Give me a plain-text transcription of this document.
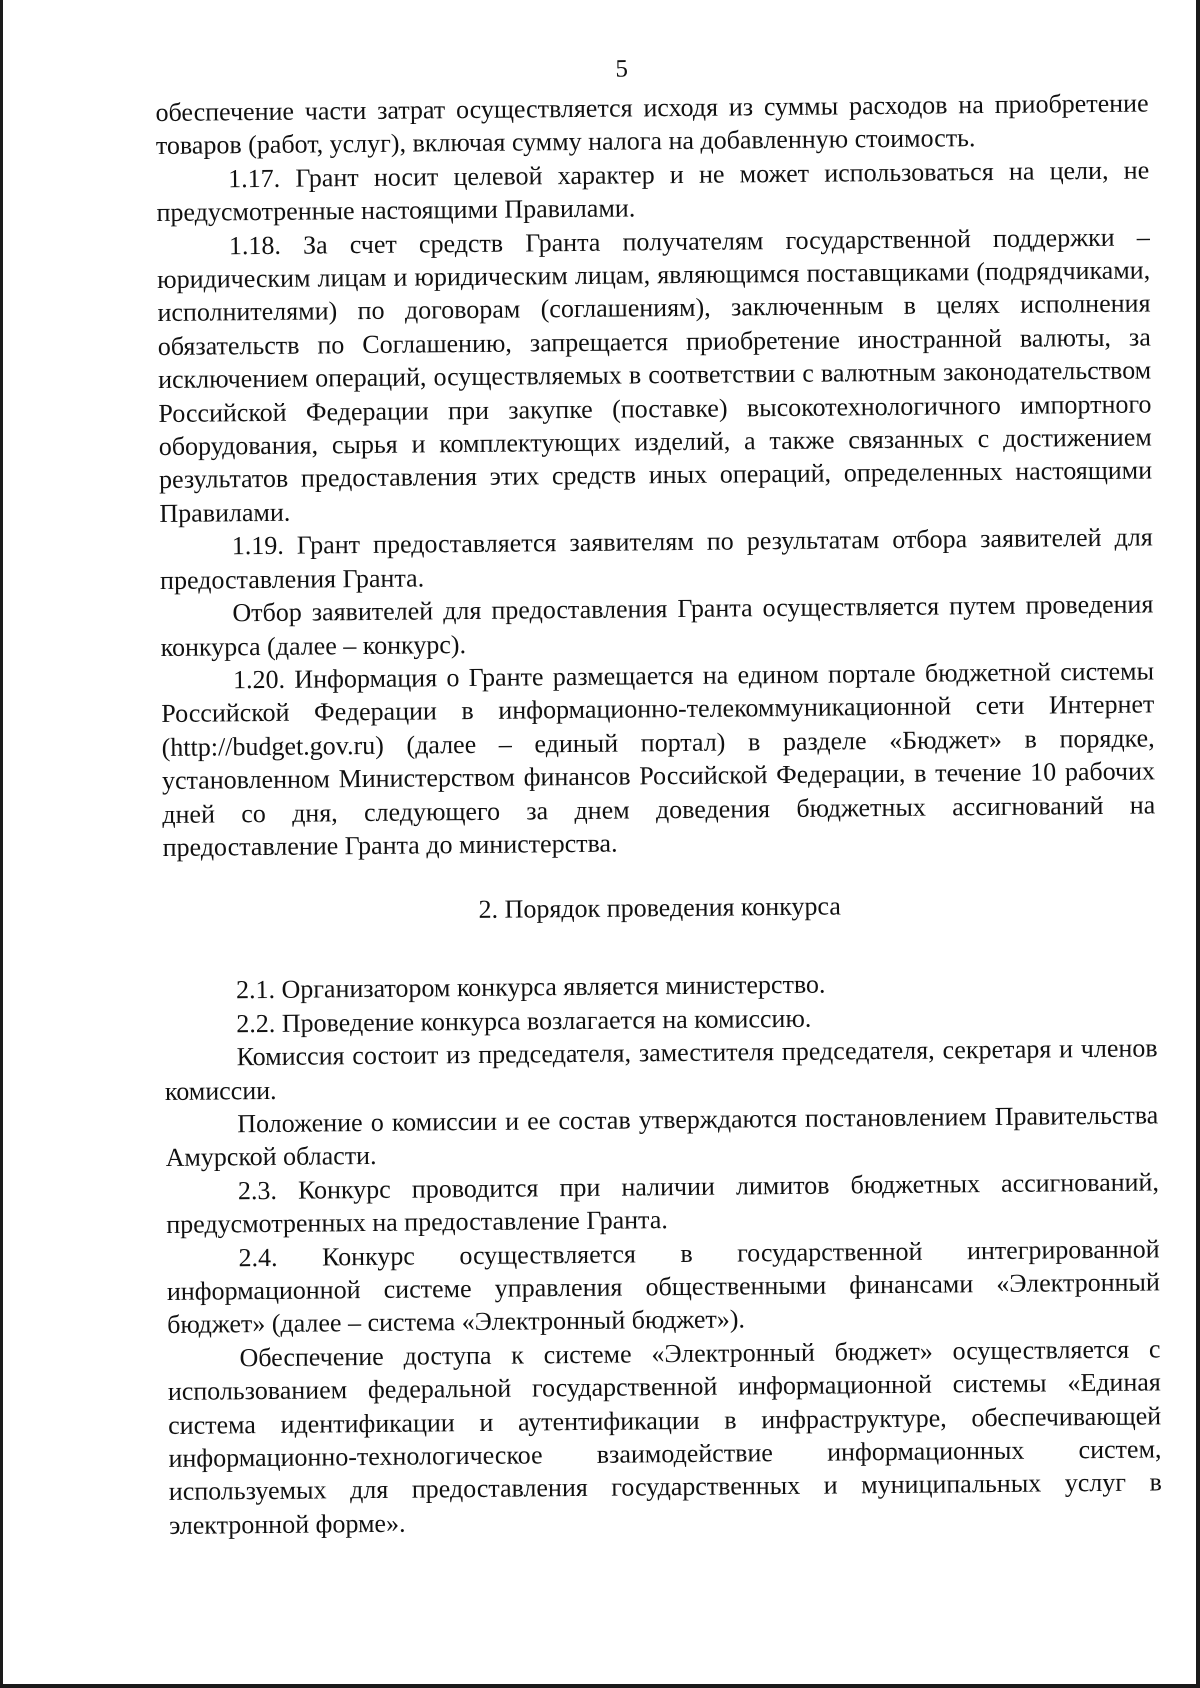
5

обеспечение части затрат осуществляется исходя из суммы расходов на приобретение товаров (работ, услуг), включая сумму налога на добавленную стоимость.

1.17. Грант носит целевой характер и не может использоваться на цели, не предусмотренные настоящими Правилами.

1.18. За счет средств Гранта получателям государственной поддержки – юридическим лицам и юридическим лицам, являющимся поставщиками (подрядчиками, исполнителями) по договорам (соглашениям), заключенным в целях исполнения обязательств по Соглашению, запрещается приобретение иностранной валюты, за исключением операций, осуществляемых в соответствии с валютным законодательством Российской Федерации при закупке (поставке) высокотехнологичного импортного оборудования, сырья и комплектующих изделий, а также связанных с достижением результатов предоставления этих средств иных операций, определенных настоящими Правилами.

1.19. Грант предоставляется заявителям по результатам отбора заявителей для предоставления Гранта.

Отбор заявителей для предоставления Гранта осуществляется путем проведения конкурса (далее – конкурс).

1.20. Информация о Гранте размещается на едином портале бюджетной системы Российской Федерации в информационно-телекоммуникационной сети Интернет (http://budget.gov.ru) (далее – единый портал) в разделе «Бюджет» в порядке, установленном Министерством финансов Российской Федерации, в течение 10 рабочих дней со дня, следующего за днем доведения бюджетных ассигнований на предоставление Гранта до министерства.

2. Порядок проведения конкурса

2.1. Организатором конкурса является министерство.

2.2. Проведение конкурса возлагается на комиссию.

Комиссия состоит из председателя, заместителя председателя, секретаря и членов комиссии.

Положение о комиссии и ее состав утверждаются постановлением Правительства Амурской области.

2.3. Конкурс проводится при наличии лимитов бюджетных ассигнований, предусмотренных на предоставление Гранта.

2.4. Конкурс осуществляется в государственной интегрированной информационной системе управления общественными финансами «Электронный бюджет» (далее – система «Электронный бюджет»).

Обеспечение доступа к системе «Электронный бюджет» осуществляется с использованием федеральной государственной информационной системы «Единая система идентификации и аутентификации в инфраструктуре, обеспечивающей информационно-технологическое взаимодействие информационных систем, используемых для предоставления государственных и муниципальных услуг в электронной форме».
